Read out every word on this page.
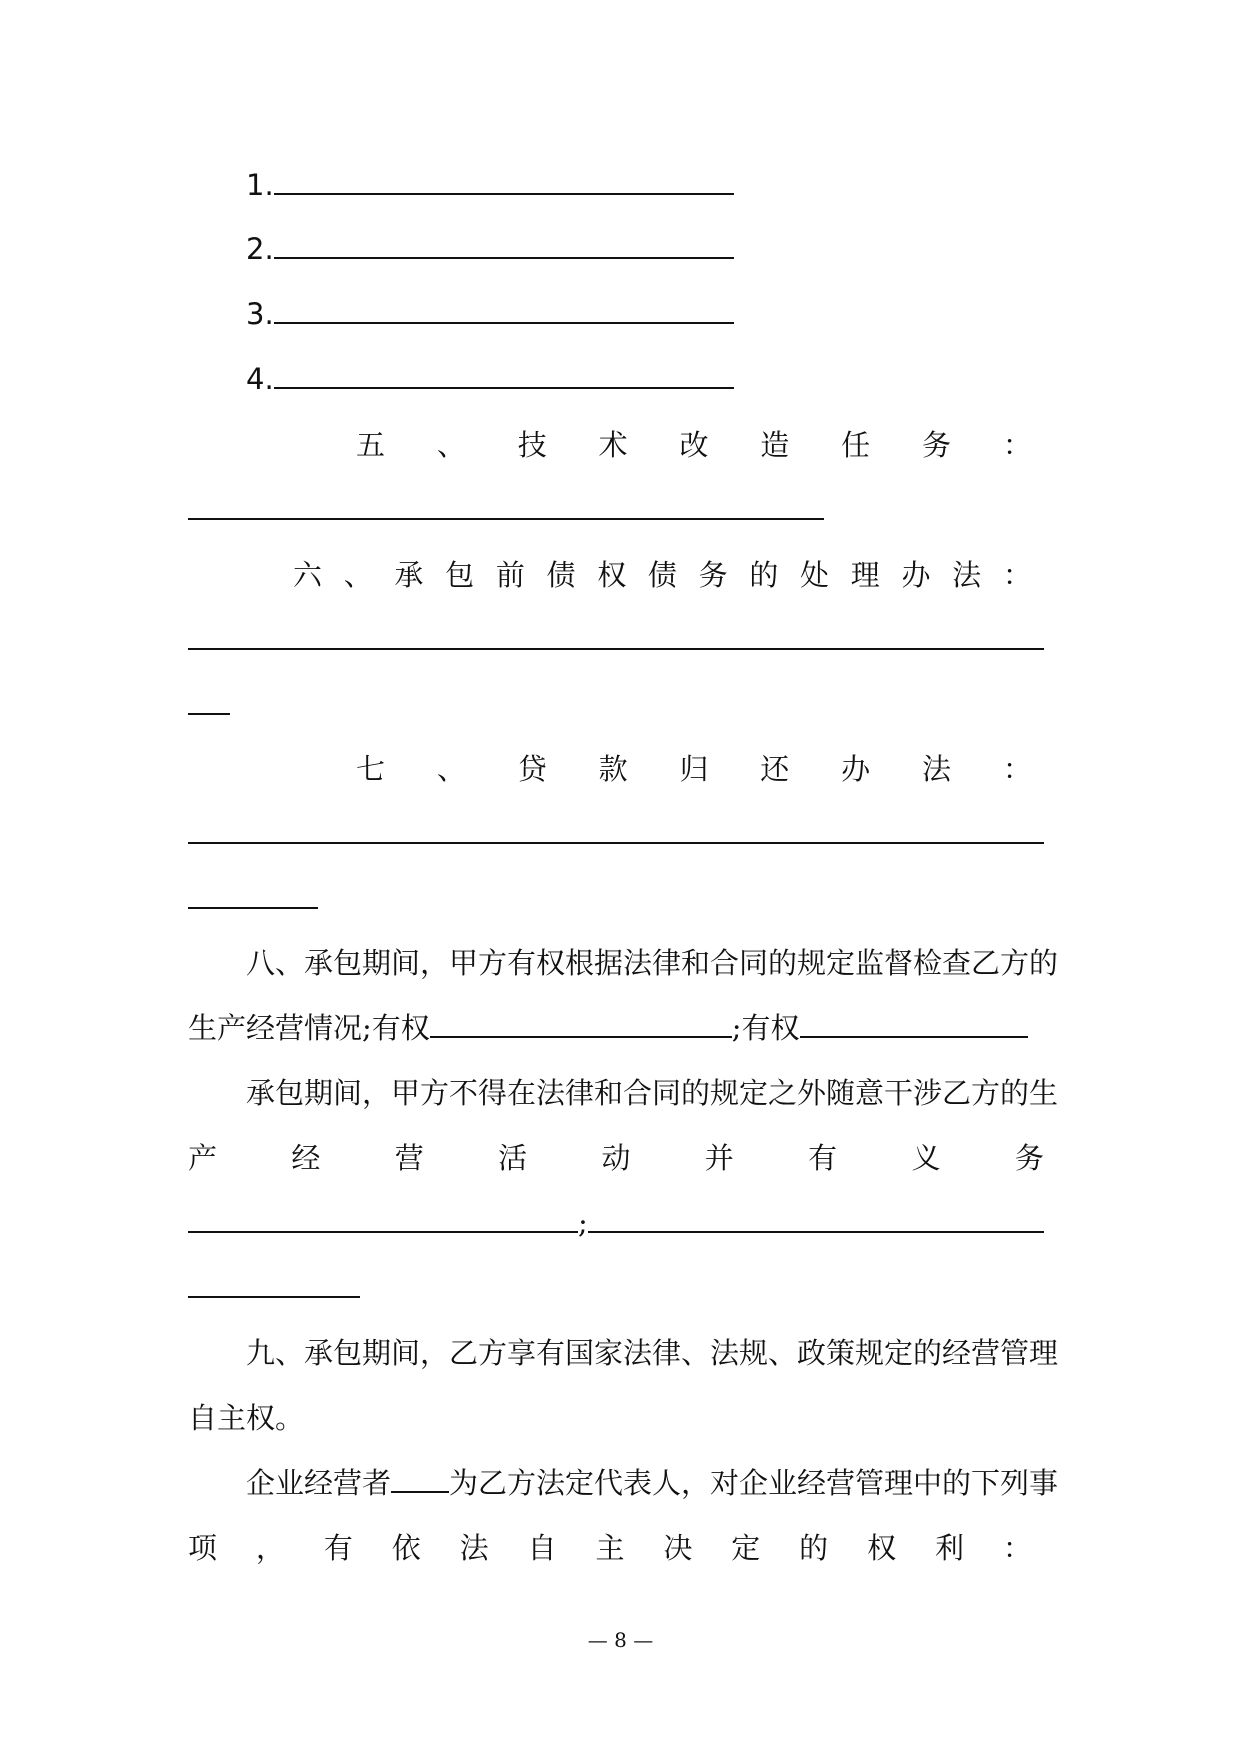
1.
2.
3.
4.
五 、 技 术 改 造 任 务 ：
六 、 承 包 前 债 权 债 务 的 处 理 办 法 ：
七 、 贷 款 归 还 办 法 ：
八、承包期间，甲方有权根据法律和合同的规定监督检查乙方的
生产经营情况;有权	;有权
承包期间，甲方不得在法律和合同的规定之外随意干涉乙方的生
产	经	营	活	动	并	有	义	务
;
九、承包期间，乙方享有国家法律、法规、政策规定的经营管理
自主权。
企业经营者 为乙方法定代表人，对企业经营管理中的下列事
项 ， 有 依 法 自 主 决 定 的 权 利 ：
— 8 —
